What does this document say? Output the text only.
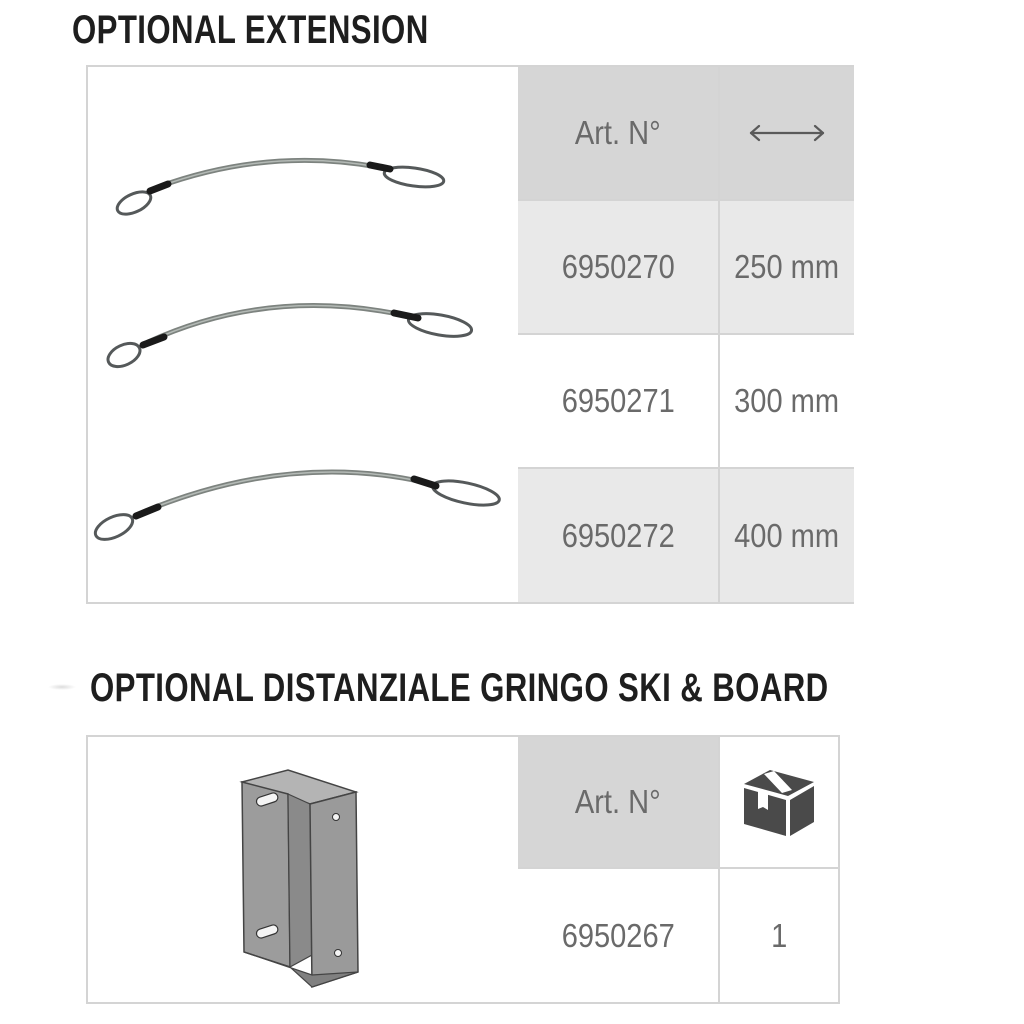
OPTIONAL EXTENSION
Art. N°
6950270 250 mm
6950271 300 mm
6950272 400 mm
OPTIONAL DISTANZIALE GRINGO SKI & BOARD
Art. N°
6950267	1
